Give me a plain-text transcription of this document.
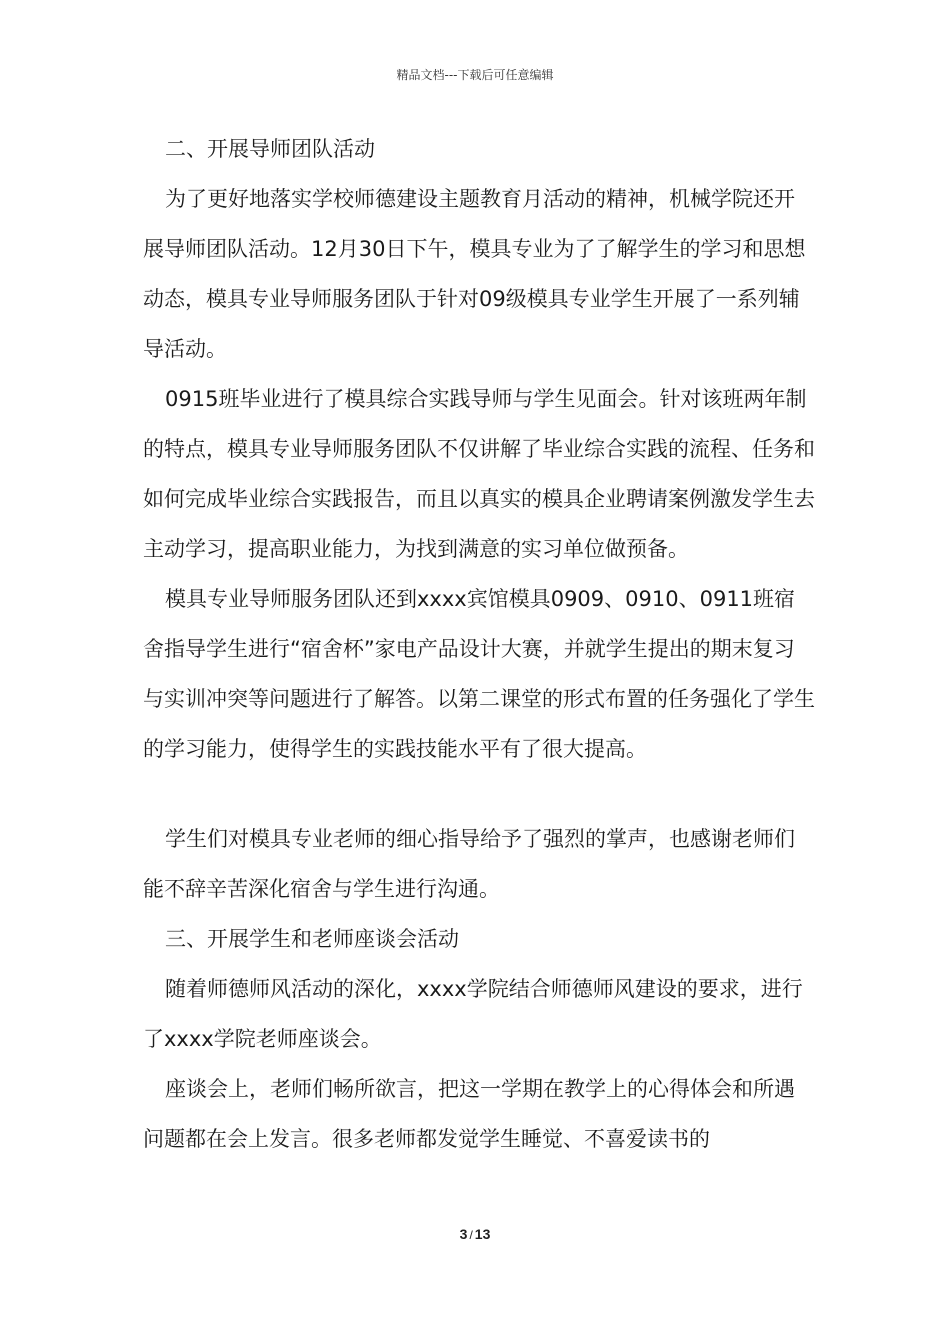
精品文档---下载后可任意编辑

二、开展导师团队活动

为了更好地落实学校师德建设主题教育月活动的精神，机械学院还开展导师团队活动。12月30日下午，模具专业为了了解学生的学习和思想动态，模具专业导师服务团队于针对09级模具专业学生开展了一系列辅导活动。

0915班毕业进行了模具综合实践导师与学生见面会。针对该班两年制的特点，模具专业导师服务团队不仅讲解了毕业综合实践的流程、任务和如何完成毕业综合实践报告，而且以真实的模具企业聘请案例激发学生去主动学习，提高职业能力，为找到满意的实习单位做预备。

模具专业导师服务团队还到xxxx宾馆模具0909、0910、0911班宿舍指导学生进行“宿舍杯”家电产品设计大赛，并就学生提出的期末复习与实训冲突等问题进行了解答。以第二课堂的形式布置的任务强化了学生的学习能力，使得学生的实践技能水平有了很大提高。

学生们对模具专业老师的细心指导给予了强烈的掌声，也感谢老师们能不辞辛苦深化宿舍与学生进行沟通。

三、开展学生和老师座谈会活动

随着师德师风活动的深化，xxxx学院结合师德师风建设的要求，进行了xxxx学院老师座谈会。

座谈会上，老师们畅所欲言，把这一学期在教学上的心得体会和所遇问题都在会上发言。很多老师都发觉学生睡觉、不喜爱读书的

3 / 13
